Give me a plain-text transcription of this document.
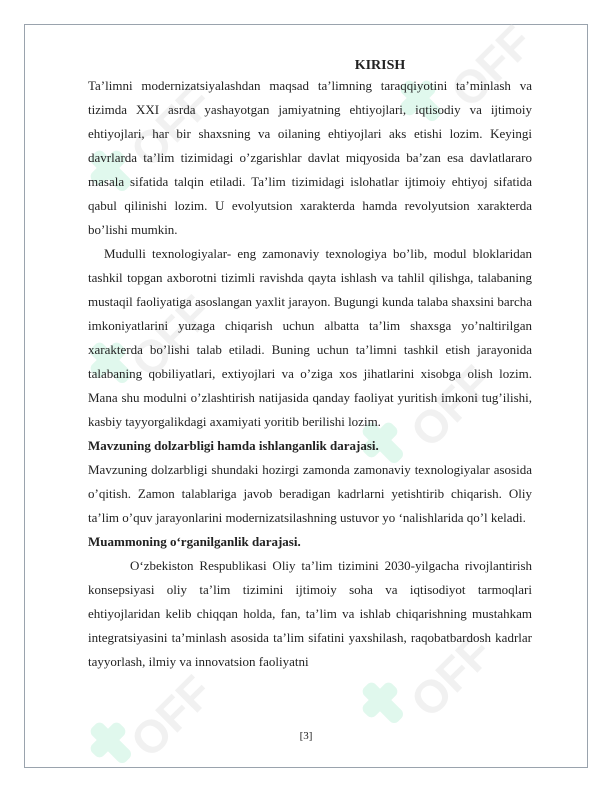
OFF
OFF
OFF
OFF
OFF	OFF
KIRISH

Ta’limni modernizatsiyalashdan maqsad ta’limning taraqqiyotini ta’minlash va tizimda XXI asrda yashayotgan jamiyatning ehtiyojlari, iqtisodiy va ijtimoiy ehtiyojlari, har bir shaxsning va oilaning ehtiyojlari aks etishi lozim. Keyingi davrlarda ta’lim tizimidagi o’zgarishlar davlat miqyosida ba’zan esa davlatlararo masala sifatida talqin etiladi. Ta’lim tizimidagi islohatlar ijtimoiy ehtiyoj sifatida qabul qilinishi lozim. U evolyutsion xarakterda hamda revolyutsion xarakterda bo’lishi mumkin.

Mudulli texnologiyalar- eng zamonaviy texnologiya bo’lib, modul bloklaridan tashkil topgan axborotni tizimli ravishda qayta ishlash va tahlil qilishga, talabaning mustaqil faoliyatiga asoslangan yaxlit jarayon. Bugungi kunda talaba shaxsini barcha imkoniyatlarini yuzaga chiqarish uchun albatta ta’lim shaxsga yo’naltirilgan xarakterda bo’lishi talab etiladi. Buning uchun ta’limni tashkil etish jarayonida talabaning qobiliyatlari, extiyojlari va o’ziga xos jihatlarini xisobga olish lozim. Mana shu modulni o’zlashtirish natijasida qanday faoliyat yuritish imkoni tug’ilishi, kasbiy tayyorgalikdagi axamiyati yoritib berilishi lozim.

Mavzuning dolzarbligi hamda ishlanganlik darajasi.

Mavzuning dolzarbligi shundaki hozirgi zamonda zamonaviy texnologiyalar asosida o’qitish. Zamon talablariga javob beradigan kadrlarni yetishtirib chiqarish. Oliy ta’lim o’quv jarayonlarini modernizatsilashning ustuvor yo ‘nalishlarida qo’l keladi.

Muammoning o‘rganilganlik darajasi.

O‘zbekiston Respublikasi Oliy ta’lim tizimini 2030-yilgacha rivojlantirish konsepsiyasi oliy ta’lim tizimini ijtimoiy soha va iqtisodiyot tarmoqlari ehtiyojlaridan kelib chiqqan holda, fan, ta’lim va ishlab chiqarishning mustahkam integratsiyasini ta’minlash asosida ta’lim sifatini yaxshilash, raqobatbardosh kadrlar tayyorlash, ilmiy va innovatsion faoliyatni

[3]
